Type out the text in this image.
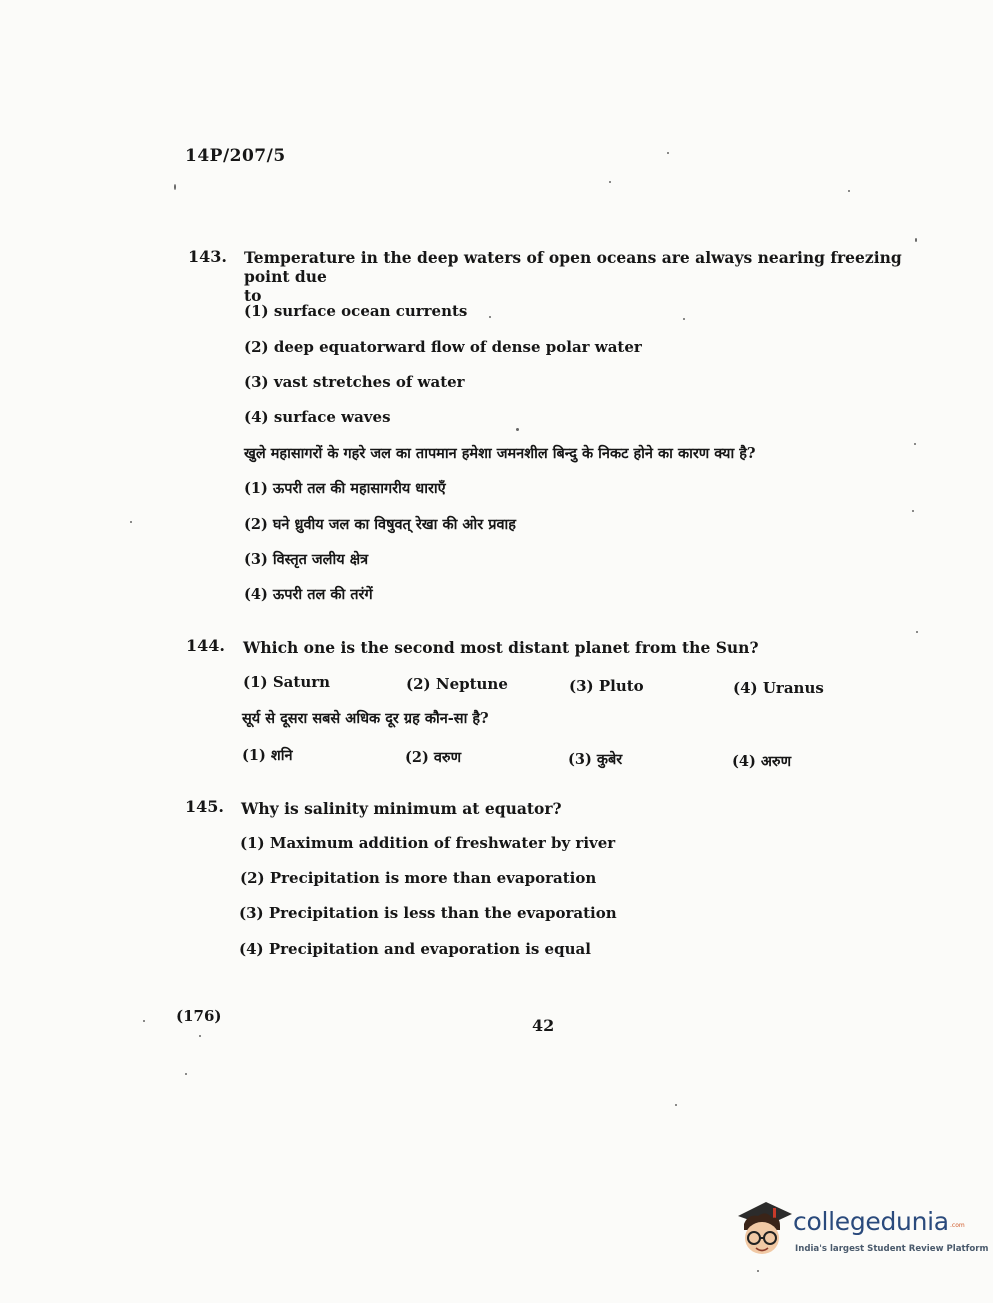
14P/207/5
143. Temperature in the deep waters of open oceans are always nearing freezing point due
to
(1) surface ocean currents
(2) deep equatorward flow of dense polar water
(3) vast stretches of water
(4) surface waves
खुले महासागरों के गहरे जल का तापमान हमेशा जमनशील बिन्दु के निकट होने का कारण क्या है?
(1) ऊपरी तल की महासागरीय धाराएँ
(2) घने ध्रुवीय जल का विषुवत् रेखा की ओर प्रवाह
(3) विस्तृत जलीय क्षेत्र
(4) ऊपरी तल की तरंगें
144. Which one is the second most distant planet from the Sun?
(1) Saturn	(2) Neptune	(3) Pluto	(4) Uranus
सूर्य से दूसरा सबसे अधिक दूर ग्रह कौन-सा है?
(1) शनि	(2) वरुण	(3) कुबेर	(4) अरुण
145. Why is salinity minimum at equator?
(1) Maximum addition of freshwater by river
(2) Precipitation is more than evaporation
(3) Precipitation is less than the evaporation
(4) Precipitation and evaporation is equal
(176)	42
collegedunia .com
India's largest Student Review Platform
